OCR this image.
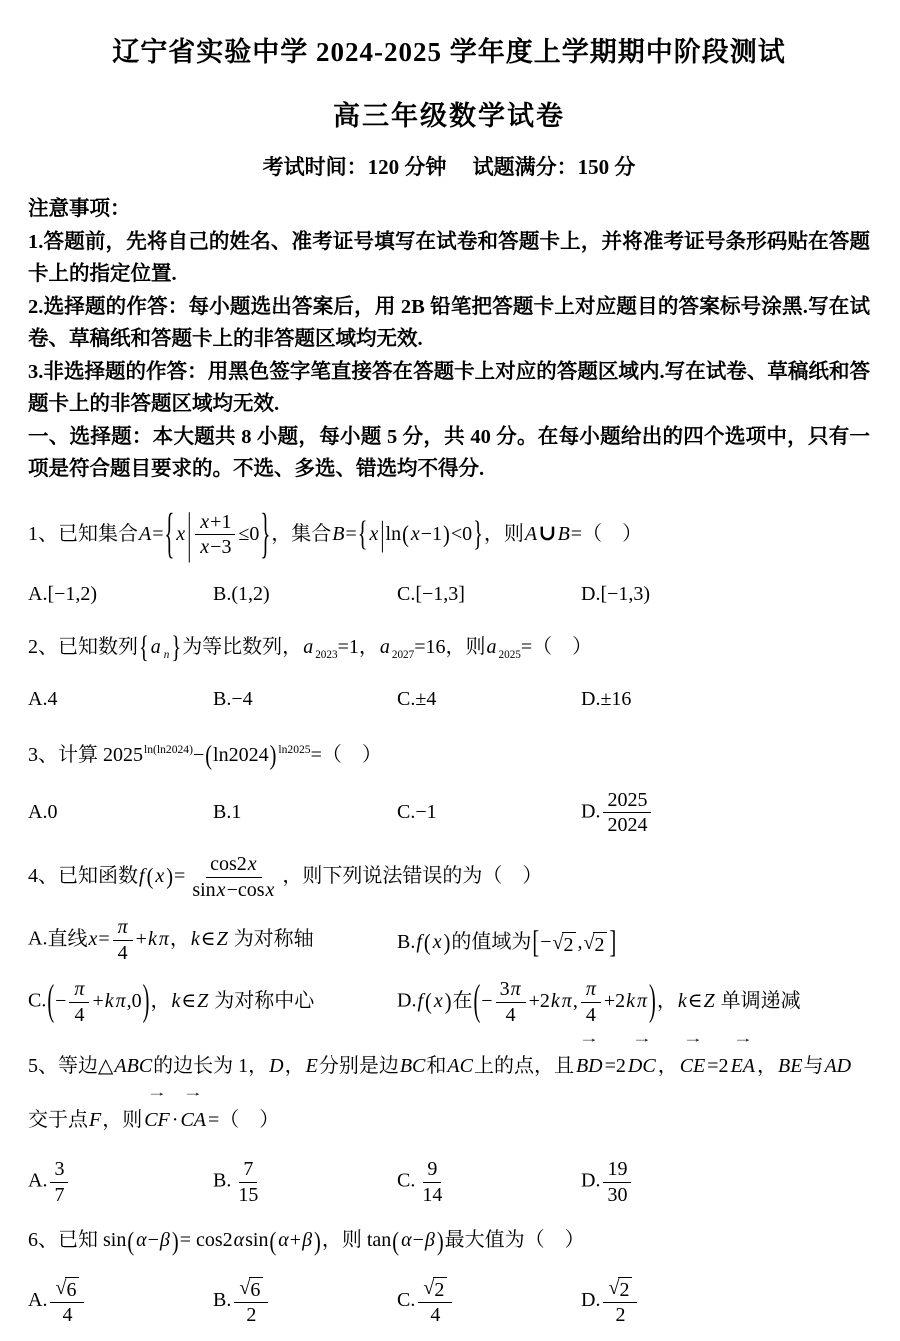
辽宁省实验中学 2024-2025 学年度上学期期中阶段测试
高三年级数学试卷
考试时间：120 分钟　 试题满分：150 分
注意事项：
1.答题前，先将自己的姓名、准考证号填写在试卷和答题卡上，并将准考证号条形码贴在答题卡上的指定位置.
2.选择题的作答：每小题选出答案后，用 2B 铅笔把答题卡上对应题目的答案标号涂黑.写在试卷、草稿纸和答题卡上的非答题区域均无效.
3.非选择题的作答：用黑色签字笔直接答在答题卡上对应的答题区域内.写在试卷、草稿纸和答题卡上的非答题区域均无效.
一、选择题：本大题共 8 小题，每小题 5 分，共 40 分。在每小题给出的四个选项中，只有一项是符合题目要求的。不选、多选、错选均不得分.
1、已知集合A={ $x| \frac{x+1}{x-3} \le 0$}，集合B={ x|ln( x−1)<0}，则A∪B=（　）
A.[−1,2)	B.(1,2)	C.[−1,3]	D.[−1,3)
2、已知数列{ a $_n$}为等比数列，a $_{2023}$=1，a $_{2027}$=16，则a $_{2025}$=（　）
A.4	B.−4	C.±4	D.±16
3、计算 $2025^{ln(ln2024)}-(\ln 2024)$ $^{ln2025}$=（　）
A.0	B.1	C.−1	D. $\frac{2025}{2024}$
4、已知函数f( $x)= \frac{\cos 2x}{\sin x-\cos x}$ ，则下列说法错误的为（　）
A.直线$x= \frac{\pi}{4} +k$ π，k∈Z 为对称轴	B.f( x)的值域为[− √ 2 , √ 2 ]
$C.(- \frac{\pi}{4} +k$ π,0)，k∈Z 为对称中心	D.f( x)在(− $\frac{3\pi}{4} +2k$ π, $\frac{\pi}{4} +2k$ π)，k∈Z 单调递减
5、等边△ABC的边长为 1，D，E分别是边BC和AC上的点，且
→
BD =2
→
DC ，
→
CE =2
→
EA ，BE与AD交于点F，则
→
CF ·
→
CA =（　）
A. $\frac{3}{7}$	B. $\frac{7}{15}$	C. $\frac{9}{14}$	D. $\frac{19}{30}$
6、已知 sin( α−β)= cos2αsin( α+β)，则 tan( α−β)最大值为（　）
A. $\frac{√ 6}{4}$	B. $\frac{√ 6}{2}$	C. $\frac{√ 2}{4}$	D. $\frac{√ 2}{2}$
